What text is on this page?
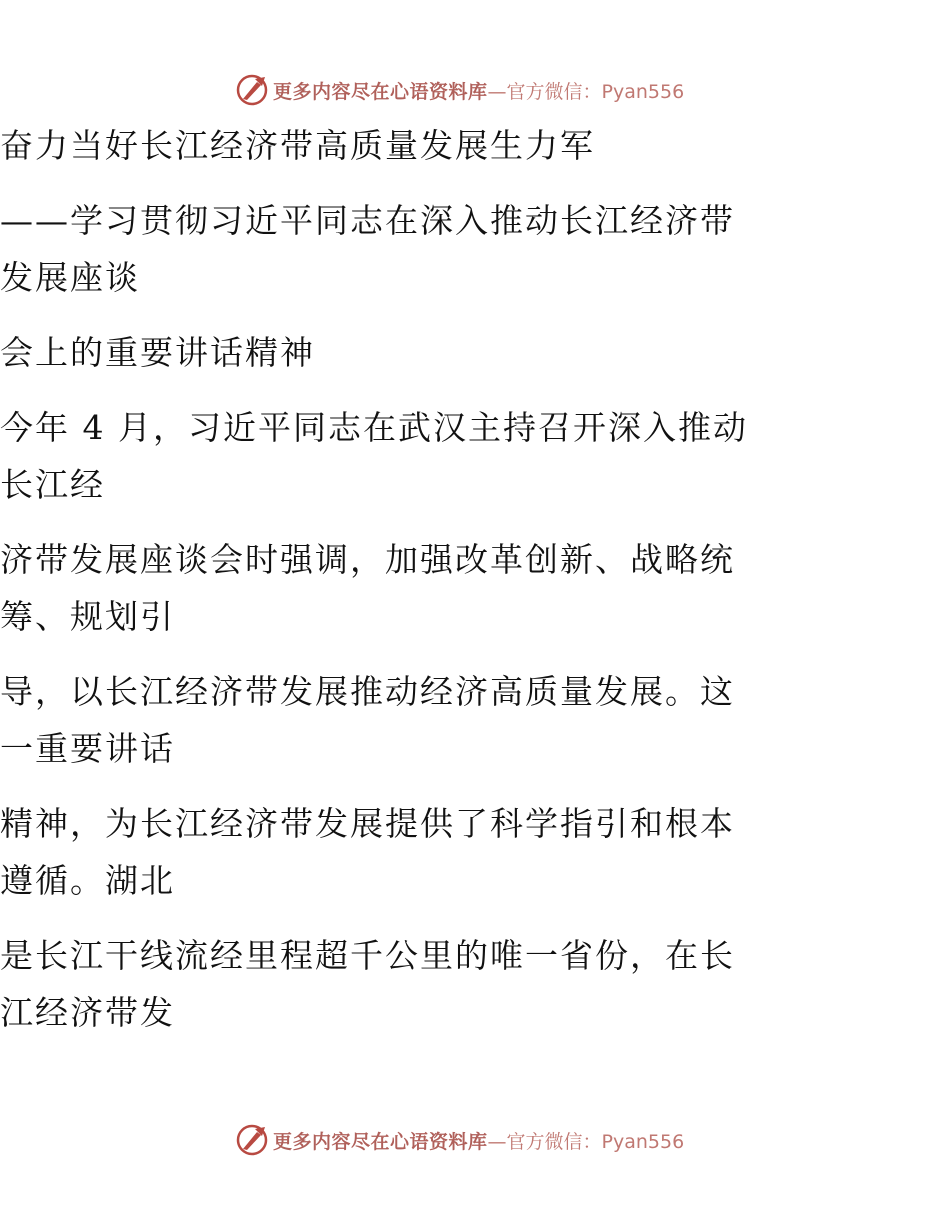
更多内容尽在心语资料库 —官方微信：Pyan556
奋力当好长江经济带高质量发展生力军
——学习贯彻习近平同志在深入推动长江经济带
发展座谈
会上的重要讲话精神
今年 4 月，习近平同志在武汉主持召开深入推动
长江经
济带发展座谈会时强调，加强改革创新、战略统
筹、规划引
导，以长江经济带发展推动经济高质量发展。这
一重要讲话
精神，为长江经济带发展提供了科学指引和根本
遵循。湖北
是长江干线流经里程超千公里的唯一省份，在长
江经济带发
更多内容尽在心语资料库 —官方微信：Pyan556
